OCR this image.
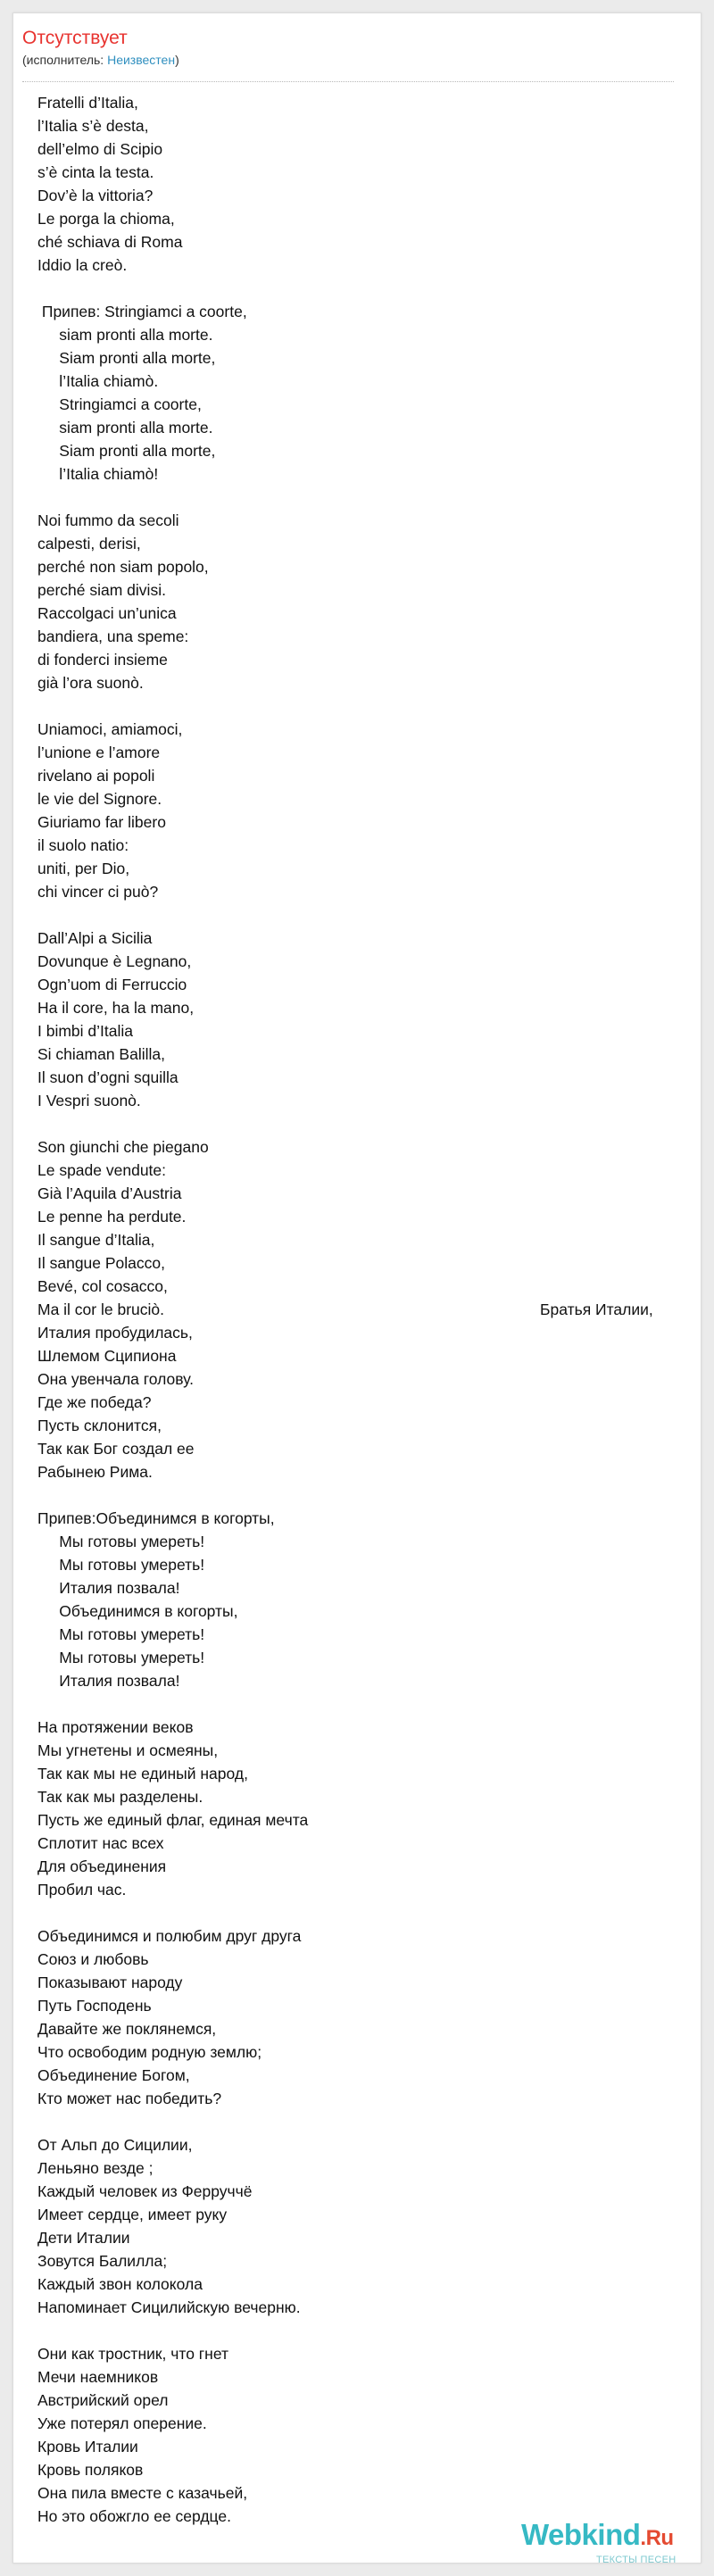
Отсутствует
(исполнитель: Неизвестен)
Fratelli d’Italia,
l’Italia s’è desta,
dell’elmo di Scipio
s’è cinta la testa.
Dov’è la vittoria?
Le porga la chioma,
ché schiava di Roma
Iddio la creò.
Припев: Stringiamci a coorte,
siam pronti alla morte.
Siam pronti alla morte,
l’Italia chiamò.
Stringiamci a coorte,
siam pronti alla morte.
Siam pronti alla morte,
l’Italia chiamò!
Noi fummo da secoli
calpesti, derisi,
perché non siam popolo,
perché siam divisi.
Raccolgaci un’unica
bandiera, una speme:
di fonderci insieme
già l’ora suonò.
Uniamoci, amiamoci,
l’unione e l’amore
rivelano ai popoli
le vie del Signore.
Giuriamo far libero
il suolo natio:
uniti, per Dio,
chi vincer ci può?
Dall’Alpi a Sicilia
Dovunque è Legnano,
Ogn’uom di Ferruccio
Ha il core, ha la mano,
I bimbi d’Italia
Si chiaman Balilla,
Il suon d’ogni squilla
I Vespri suonò.
Son giunchi che piegano
Le spade vendute:
Già l’Aquila d’Austria
Le penne ha perdute.
Il sangue d’Italia,
Il sangue Polacco,
Bevé, col cosacco,
Ma il cor le bruciò.
Италия пробудилась,
Шлемом Сципиона
Она увенчала голову.
Где же победа?
Пусть склонится,
Так как Бог создал ее
Рабынею Рима.
Припев:Объединимся в когорты,
Мы готовы умереть!
Мы готовы умереть!
Италия позвала!
Объединимся в когорты,
Мы готовы умереть!
Мы готовы умереть!
Италия позвала!
На протяжении веков
Мы угнетены и осмеяны,
Так как мы не единый народ,
Так как мы разделены.
Пусть же единый флаг, единая мечта
Сплотит нас всех
Для объединения
Пробил час.
Объединимся и полюбим друг друга
Союз и любовь
Показывают народу
Путь Господень
Давайте же поклянемся,
Что освободим родную землю;
Объединение Богом,
Кто может нас победить?
От Альп до Сицилии,
Леньяно везде ;
Каждый человек из Ферруччё
Имеет сердце, имеет руку
Дети Италии
Зовутся Балилла;
Каждый звон колокола
Напоминает Сицилийскую вечерню.
Они как тростник, что гнет
Мечи наемников
Австрийский орел
Уже потерял оперение.
Кровь Италии
Кровь поляков
Она пила вместе с казачьей,
Но это обожгло ее сердце.
Братья Италии,
Webkind.Ru
ТЕКСТЫ ПЕСЕН
